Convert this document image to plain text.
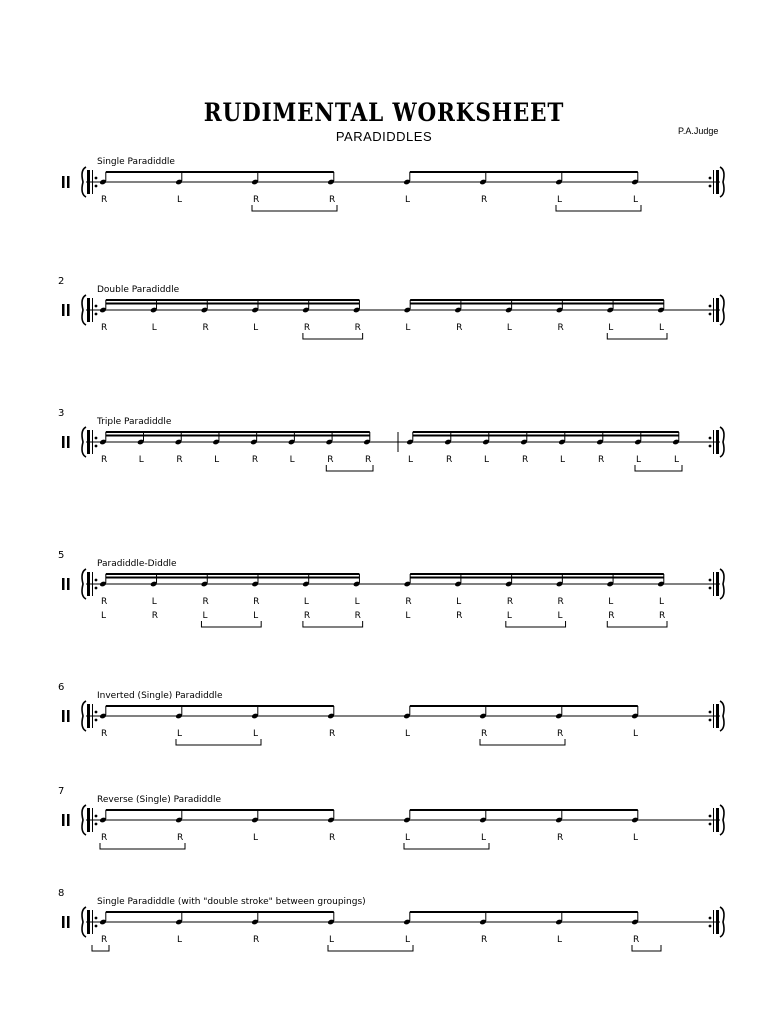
RUDIMENTAL WORKSHEET
PARADIDDLES	P.A.Judge
Single Paradiddle
R	L	R	R	L	R	L	L
2
Double Paradiddle
R	L	R	L	R	R	L	R	L	R	L	L
3
Triple Paradiddle
R	L	R	L	R	L	R	R	L	R	L	R	L	R	L	L
5
Paradiddle-Diddle
R	L	R	R	L	L	R	L	R	R	L	L
L	R	L	L	R	R	L	R	L	L	R	R
6
Inverted (Single) Paradiddle
R	L	L	R	L	R	R	L
7
Reverse (Single) Paradiddle
R	R	L	R	L	L	R	L
8
Single Paradiddle (with "double stroke" between groupings)
R	L	R	L	L	R	L	R
